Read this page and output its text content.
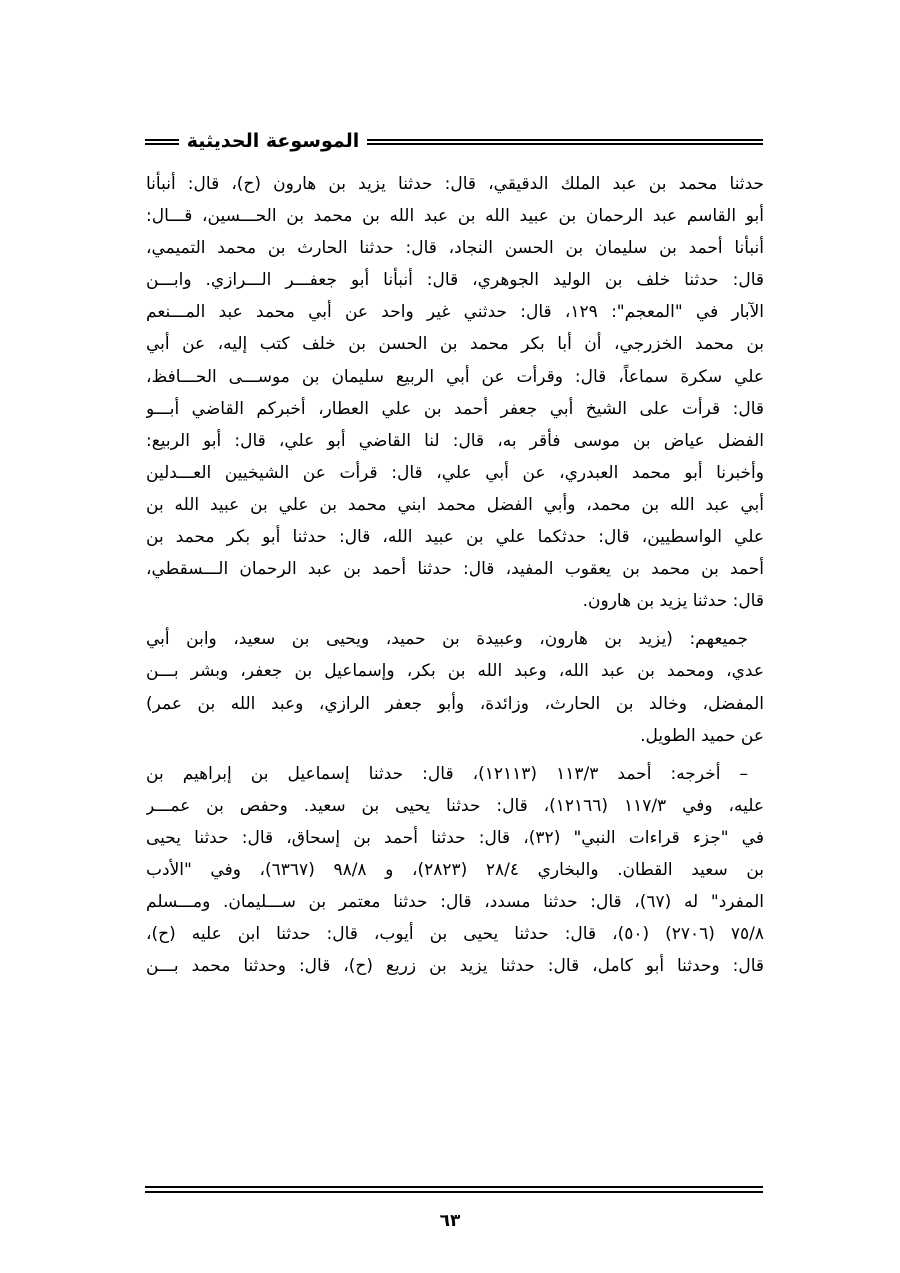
الموسوعة الحديثية
حدثنا محمد بن عبد الملك الدقيقي، قال: حدثنا يزيد بن هارون (ح)، قال: أنبأنا
أبو القاسم عبد الرحمان بن عبيد الله بن عبد الله بن محمد بن الحـــسين، قـــال:
أنبأنا أحمد بن سليمان بن الحسن النجاد، قال: حدثنا الحارث بن محمد التميمي،
قال: حدثنا خلف بن الوليد الجوهري، قال: أنبأنا أبو جعفـــر الـــرازي. وابـــن
الآبار في "المعجم": ١٢٩، قال: حدثني غير واحد عن أبي محمد عبد المـــنعم
بن محمد الخزرجي، أن أبا بكر محمد بن الحسن بن خلف كتب إليه، عن أبي
علي سكرة سماعاً، قال: وقرأت عن أبي الربيع سليمان بن موســـى الحـــافظ،
قال: قرأت على الشيخ أبي جعفر أحمد بن علي العطار، أخبركم القاضي أبـــو
الفضل عياض بن موسى فأقر به، قال: لنا القاضي أبو علي، قال: أبو الربيع:
وأخبرنا أبو محمد العبدري، عن أبي علي، قال: قرأت عن الشيخيين العـــدلين
أبي عبد الله بن محمد، وأبي الفضل محمد ابني محمد بن علي بن عبيد الله بن
علي الواسطيين، قال: حدثكما علي بن عبيد الله، قال: حدثنا أبو بكر محمد بن
أحمد بن محمد بن يعقوب المفيد، قال: حدثنا أحمد بن عبد الرحمان الـــسقطي،
قال: حدثنا يزيد بن هارون.
جميعهم: (يزيد بن هارون، وعبيدة بن حميد، ويحيى بن سعيد، وابن أبي
عدي، ومحمد بن عبد الله، وعبد الله بن بكر، وإسماعيل بن جعفر، وبشر بـــن
المفضل، وخالد بن الحارث، وزائدة، وأبو جعفر الرازي، وعبد الله بن عمر)
عن حميد الطويل.
– أخرجه: أحمد ١١٣/٣ (١٢١١٣)، قال: حدثنا إسماعيل بن إبراهيم بن
عليه، وفي ١١٧/٣ (١٢١٦٦)، قال: حدثنا يحيى بن سعيد. وحفص بن عمـــر
في "جزء قراءات النبي" (٣٢)، قال: حدثنا أحمد بن إسحاق، قال: حدثنا يحيى
بن سعيد القطان. والبخاري ٢٨/٤ (٢٨٢٣)، و ٩٨/٨ (٦٣٦٧)، وفي "الأدب
المفرد" له (٦٧)، قال: حدثنا مسدد، قال: حدثنا معتمر بن ســـليمان. ومـــسلم
٧٥/٨ (٢٧٠٦) (٥٠)، قال: حدثنا يحيى بن أيوب، قال: حدثنا ابن عليه (ح)،
قال: وحدثنا أبو كامل، قال: حدثنا يزيد بن زريع (ح)، قال: وحدثنا محمد بـــن
٦٣
